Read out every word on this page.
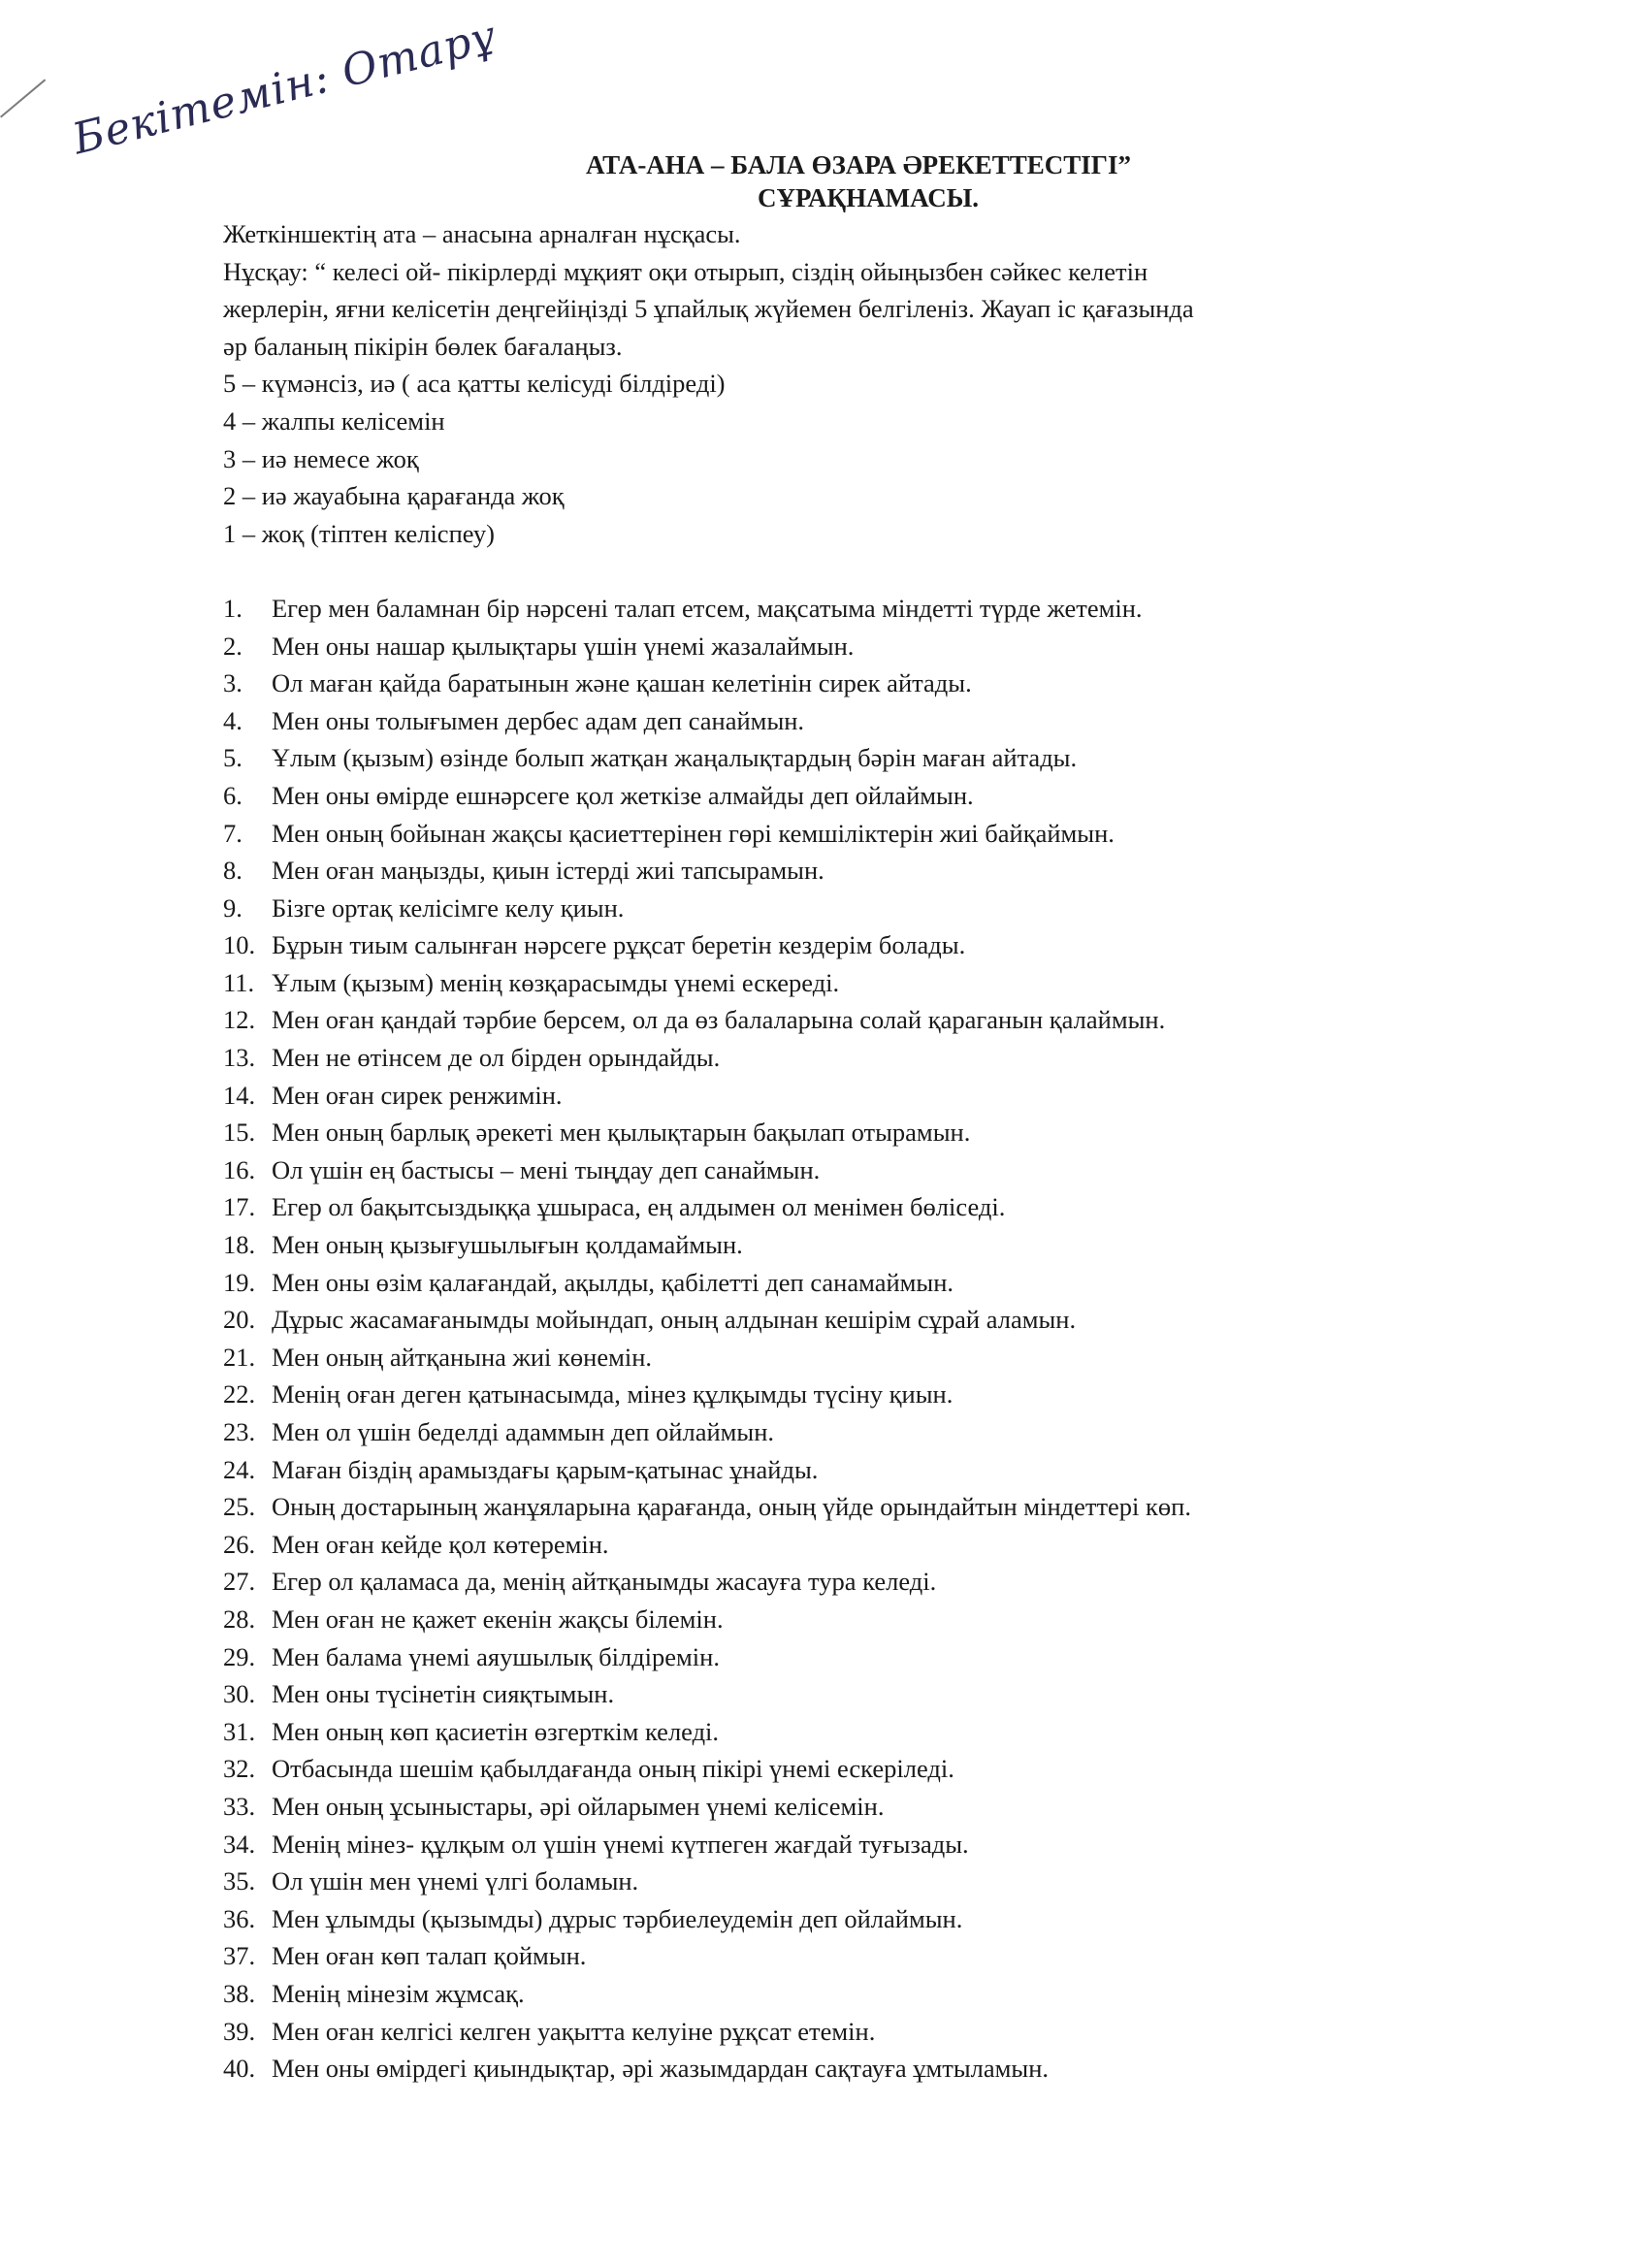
Бекітемін: Отарұ
АТА-АНА – БАЛА ӨЗАРА ӘРЕКЕТТЕСТІГІ”
СҰРАҚНАМАСЫ.

Жеткіншектің ата – анасына арналған нұсқасы.

Нұсқау: “ келесі ой- пікірлерді мұқият оқи отырып, сіздің ойыңызбен сәйкес келетін

жерлерін, яғни келісетін деңгейіңізді 5 ұпайлық жүйемен белгіленіз. Жауап іс қағазында

әр баланың пікірін бөлек бағалаңыз.

5 – күмәнсіз, иә ( аса қатты келісуді білдіреді)

4 – жалпы келісемін

3 – иә немесе жоқ

2 – иә жауабына қарағанда жоқ

1 – жоқ (тіптен келіспеу)

1.	Егер мен баламнан бір нәрсені талап етсем, мақсатыма міндетті түрде жетемін.
2.	Мен оны нашар қылықтары үшін үнемі жазалаймын.
3.	Ол маған қайда баратынын және қашан келетінін сирек айтады.
4.	Мен оны толығымен дербес адам деп санаймын.
5.	Ұлым (қызым) өзінде болып жатқан жаңалықтардың бәрін маған айтады.
6.	Мен оны өмірде ешнәрсеге қол жеткізе алмайды деп ойлаймын.
7.	Мен оның бойынан жақсы қасиеттерінен гөрі кемшіліктерін жиі байқаймын.
8.	Мен оған маңызды, қиын істерді жиі тапсырамын.
9.	Бізге ортақ келісімге келу қиын.
10. Бұрын тиым салынған нәрсеге рұқсат беретін кездерім болады.
11. Ұлым (қызым) менің көзқарасымды үнемі ескереді.
12. Мен оған қандай тәрбие берсем, ол да өз балаларына солай қараганын қалаймын.
13. Мен не өтінсем де ол бірден орындайды.
14. Мен оған сирек ренжимін.
15. Мен оның барлық әрекеті мен қылықтарын бақылап отырамын.
16. Ол үшін ең бастысы – мені тыңдау деп санаймын.
17. Егер ол бақытсыздыққа ұшыраса, ең алдымен ол менімен бөліседі.
18. Мен оның қызығушылығын қолдамаймын.
19. Мен оны өзім қалағандай, ақылды, қабілетті деп санамаймын.
20. Дұрыс жасамағанымды мойындап, оның алдынан кешірім сұрай аламын.
21. Мен оның айтқанына жиі көнемін.
22. Менің оған деген қатынасымда, мінез құлқымды түсіну қиын.
23. Мен ол үшін беделді адаммын деп ойлаймын.
24. Маған біздің арамыздағы қарым-қатынас ұнайды.
25. Оның достарының жанұяларына қарағанда, оның үйде орындайтын міндеттері көп.
26. Мен оған кейде қол көтеремін.
27. Егер ол қаламаса да, менің айтқанымды жасауға тура келеді.
28. Мен оған не қажет екенін жақсы білемін.
29. Мен балама үнемі аяушылық білдіремін.
30. Мен оны түсінетін сияқтымын.
31. Мен оның көп қасиетін өзгерткім келеді.
32. Отбасында шешім қабылдағанда оның пікірі үнемі ескеріледі.
33. Мен оның ұсыныстары, әрі ойларымен үнемі келісемін.
34. Менің мінез- құлқым ол үшін үнемі күтпеген жағдай туғызады.
35. Ол үшін мен үнемі үлгі боламын.
36. Мен ұлымды (қызымды) дұрыс тәрбиелеудемін деп ойлаймын.
37. Мен оған көп талап қоймын.
38. Менің мінезім жұмсақ.
39. Мен оған келгісі келген уақытта келуіне рұқсат етемін.
40. Мен оны өмірдегі қиындықтар, әрі жазымдардан сақтауға ұмтыламын.
